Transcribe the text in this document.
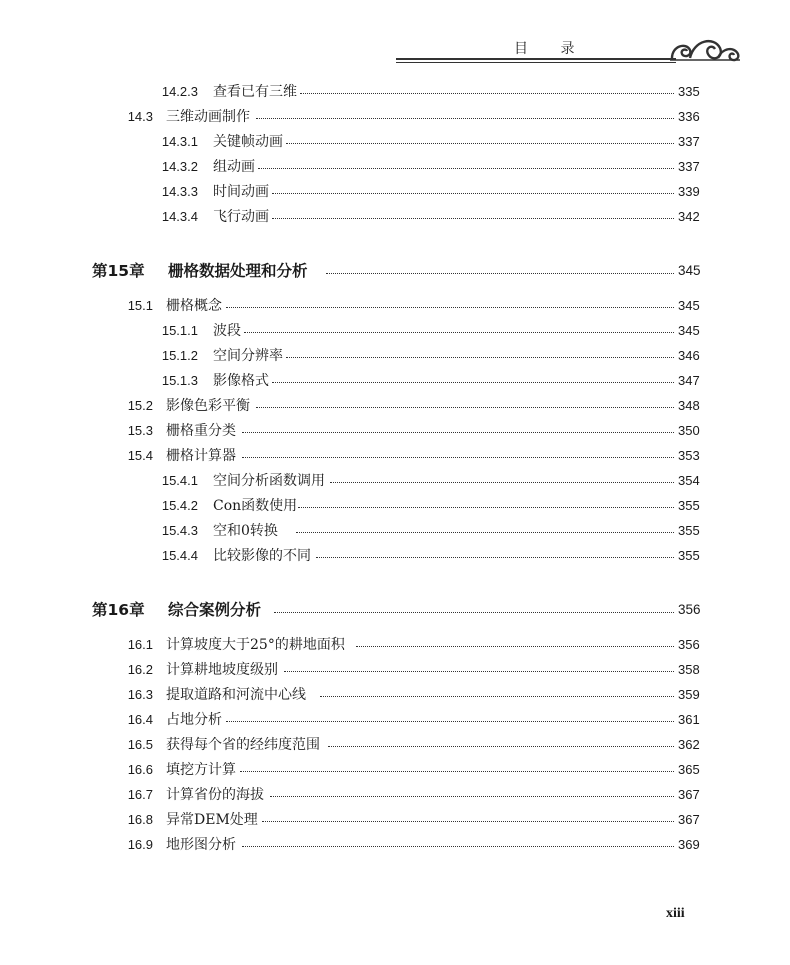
目 录
14.2.3 查看已有三维	335
14.3 三维动画制作	336
14.3.1 关键帧动画	337
14.3.2 组动画	337
14.3.3 时间动画	339
14.3.4 飞行动画	342
第15章 栅格数据处理和分析	345
15.1 栅格概念	345
15.1.1 波段	345
15.1.2 空间分辨率	346
15.1.3 影像格式	347
15.2 影像色彩平衡	348
15.3 栅格重分类	350
15.4 栅格计算器	353
15.4.1 空间分析函数调用	354
15.4.2 Con函数使用	355
15.4.3 空和0转换	355
15.4.4 比较影像的不同	355
第16章 综合案例分析	356
16.1 计算坡度大于25°的耕地面积	356
16.2 计算耕地坡度级别	358
16.3 提取道路和河流中心线	359
16.4 占地分析	361
16.5 获得每个省的经纬度范围	362
16.6 填挖方计算	365
16.7 计算省份的海拔	367
16.8 异常DEM处理	367
16.9 地形图分析	369
xiii
